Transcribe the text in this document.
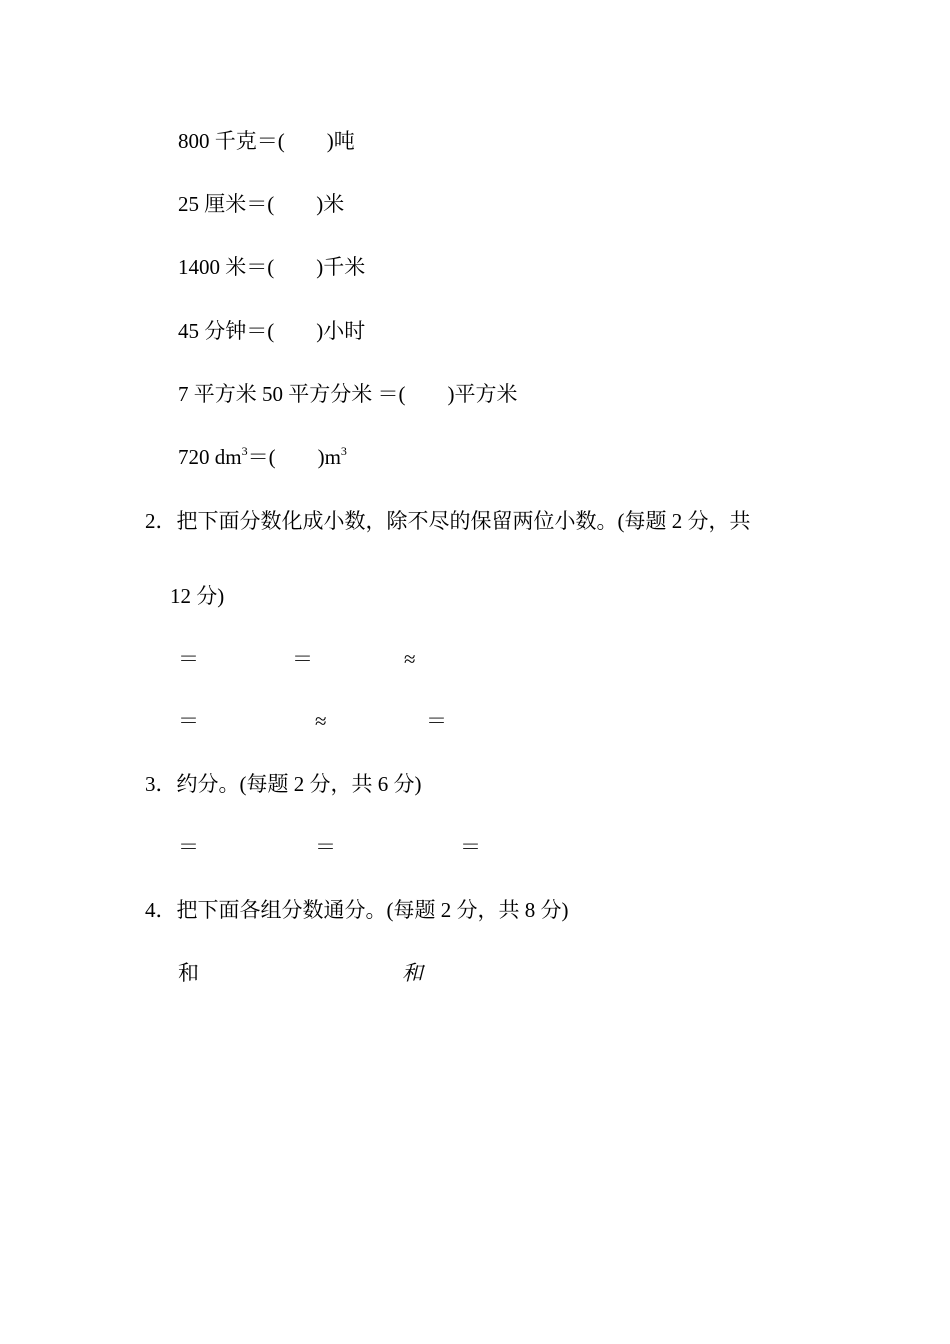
800 千克＝(　　)吨
25 厘米＝(　　)米
1400 米＝(　　)千米
45 分钟＝(　　)小时
7 平方米 50 平方分米 ＝(　　)平方米
720 $dm^3=$(　　)$m^3$
2．把下面分数化成小数，除不尽的保留两位小数。(每题 2 分，共
12 分)
＝	＝	≈
＝	≈	＝
3．约分。(每题 2 分，共 6 分)
＝	＝	＝
4．把下面各组分数通分。(每题 2 分，共 8 分)
和	和
